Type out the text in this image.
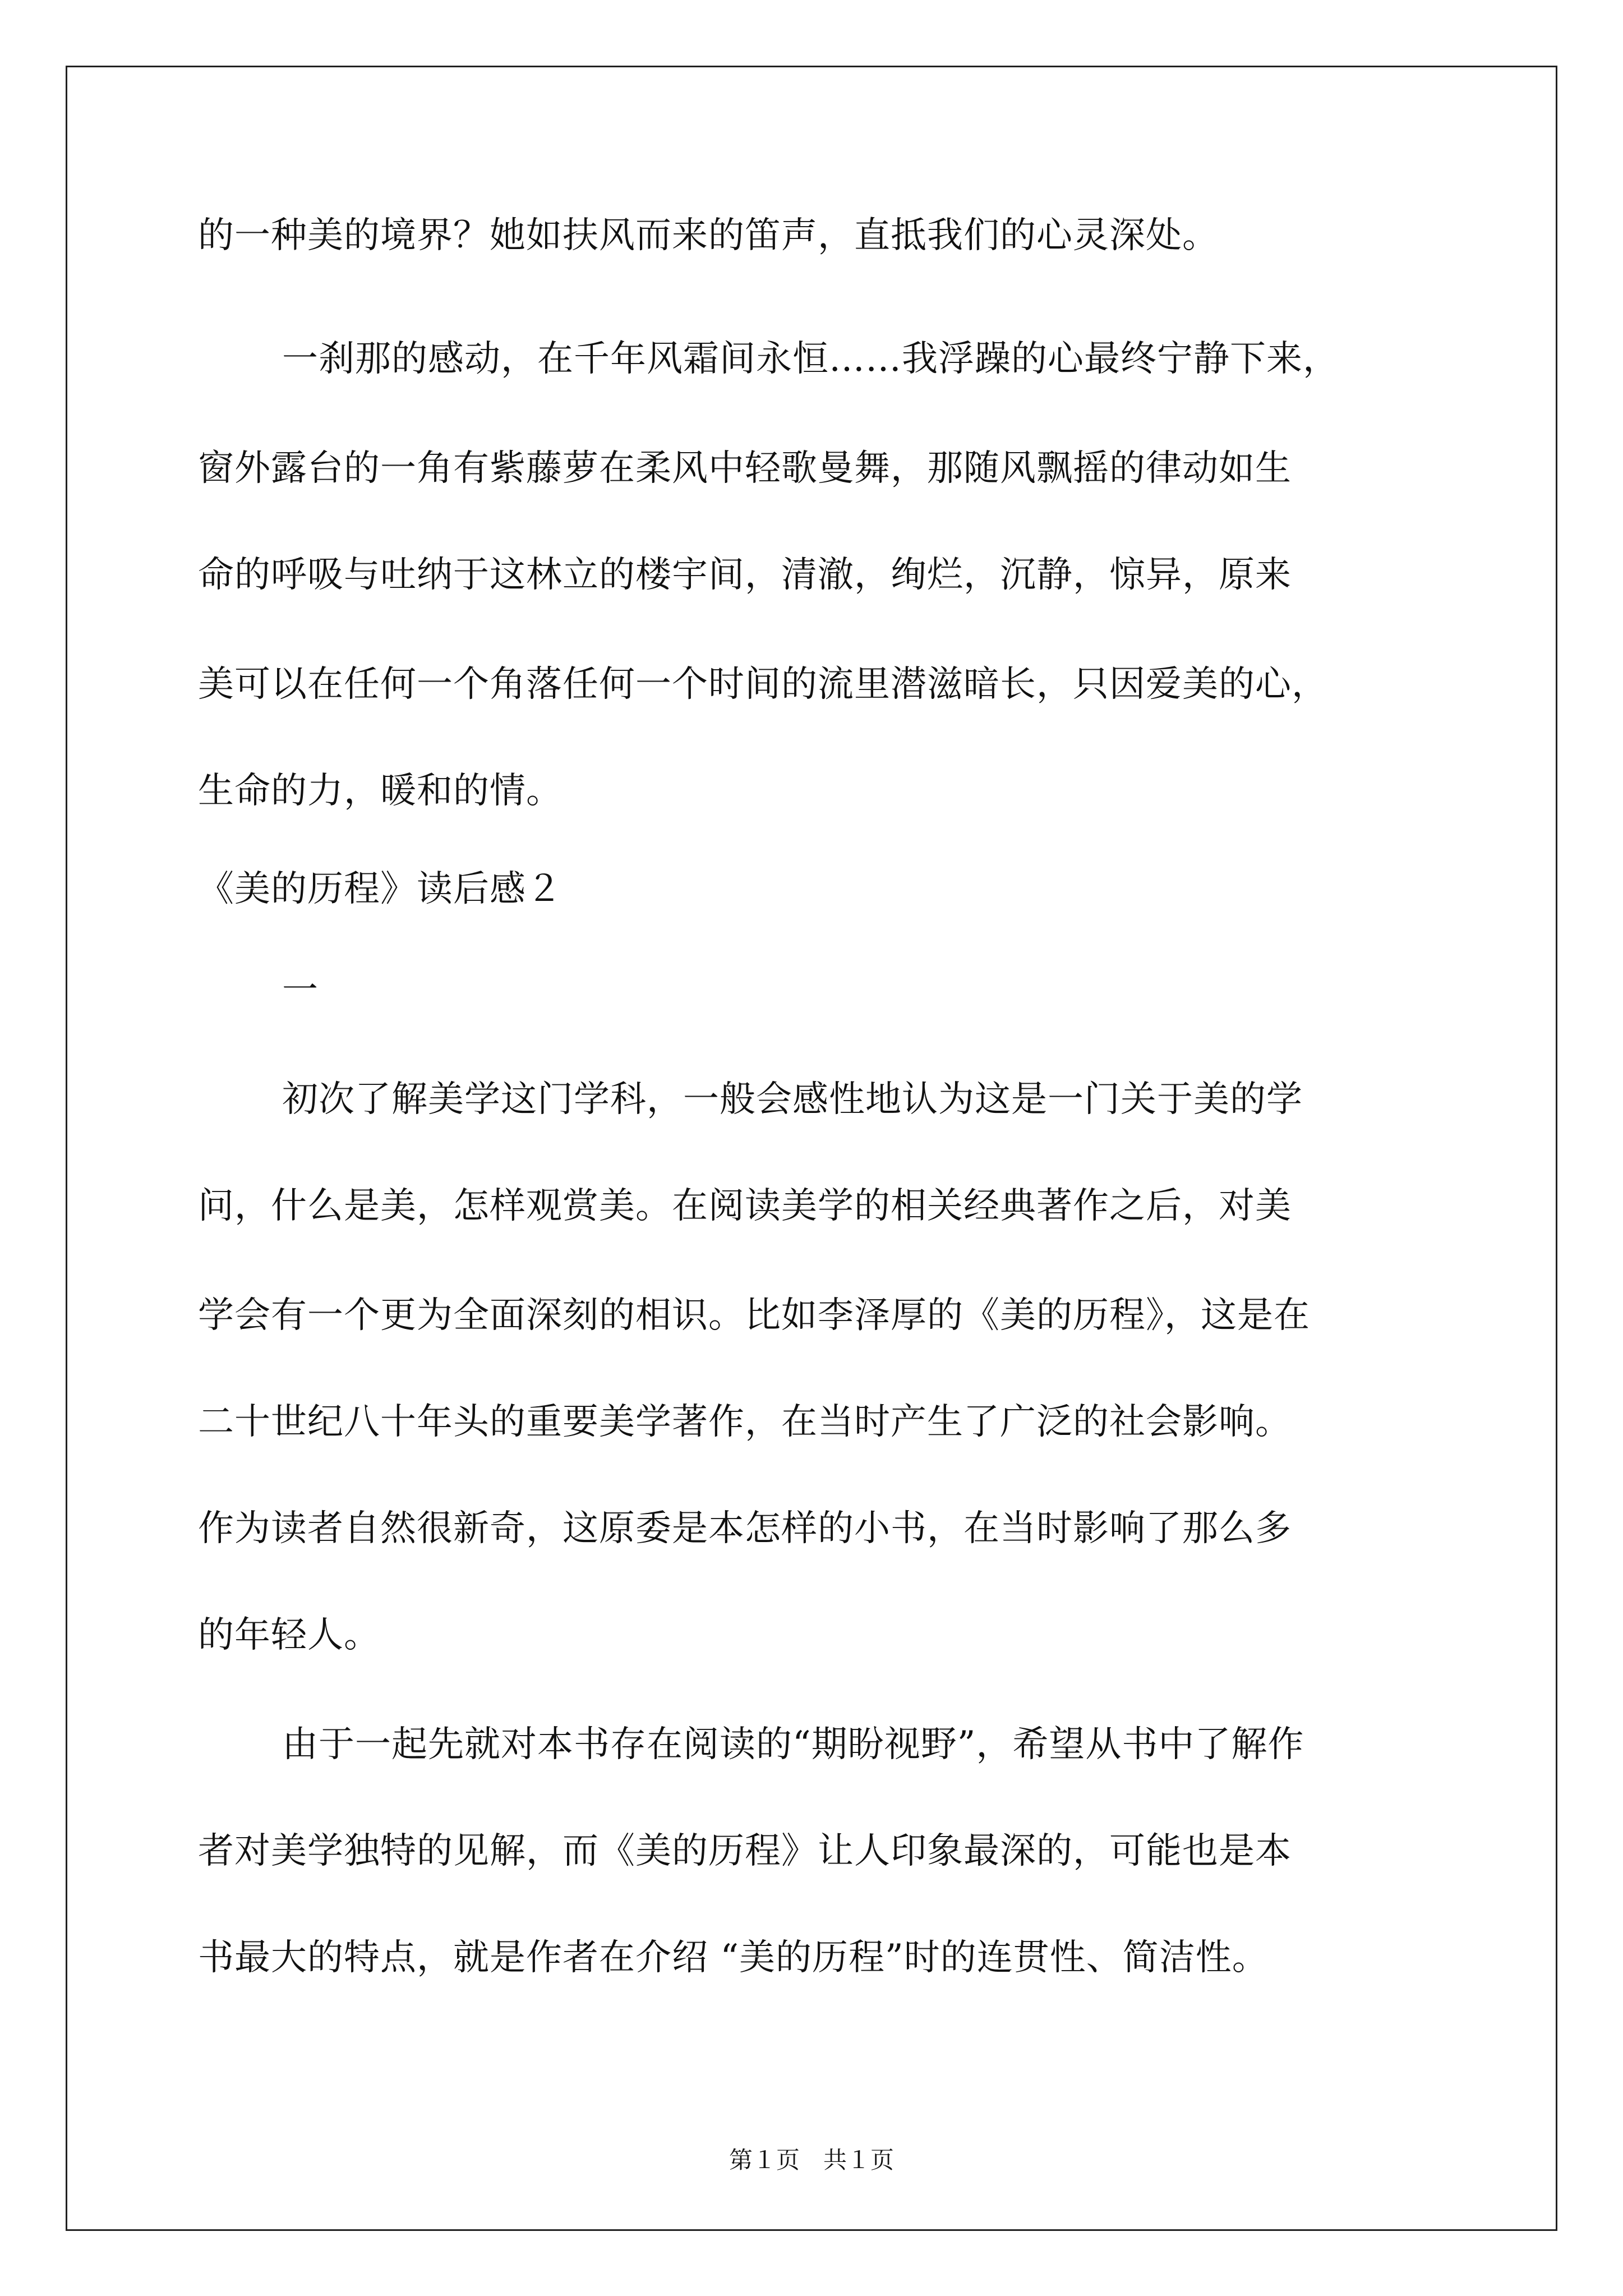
的一种美的境界？她如扶风而来的笛声，直抵我们的心灵深处。
一刹那的感动，在千年风霜间永恒……我浮躁的心最终宁静下来，
窗外露台的一角有紫藤萝在柔风中轻歌曼舞，那随风飘摇的律动如生
命的呼吸与吐纳于这林立的楼宇间，清澈，绚烂，沉静，惊异，原来
美可以在任何一个角落任何一个时间的流里潜滋暗长，只因爱美的心，
生命的力，暖和的情。
《美的历程》读后感２
一
初次了解美学这门学科，一般会感性地认为这是一门关于美的学
问，什么是美，怎样观赏美。在阅读美学的相关经典著作之后，对美
学会有一个更为全面深刻的相识。比如李泽厚的《美的历程》，这是在
二十世纪八十年头的重要美学著作，在当时产生了广泛的社会影响。
作为读者自然很新奇，这原委是本怎样的小书，在当时影响了那么多
的年轻人。
由于一起先就对本书存在阅读的“期盼视野”，希望从书中了解作
者对美学独特的见解，而《美的历程》让人印象最深的，可能也是本
书最大的特点，就是作者在介绍 “美的历程”时的连贯性、简洁性。
第１页　共１页
